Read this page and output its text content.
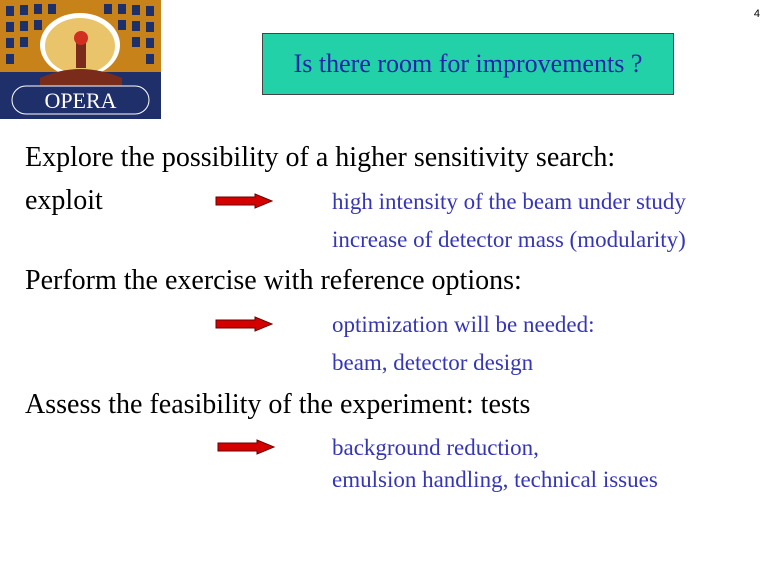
4
OPERA
Is there room for improvements ?
Explore the possibility of a higher sensitivity search:
exploit	high intensity of the beam under study
increase of detector mass (modularity)
Perform the exercise with reference options:
optimization will be needed:
beam, detector design
Assess the feasibility of the experiment: tests
background reduction,
emulsion handling, technical issues
